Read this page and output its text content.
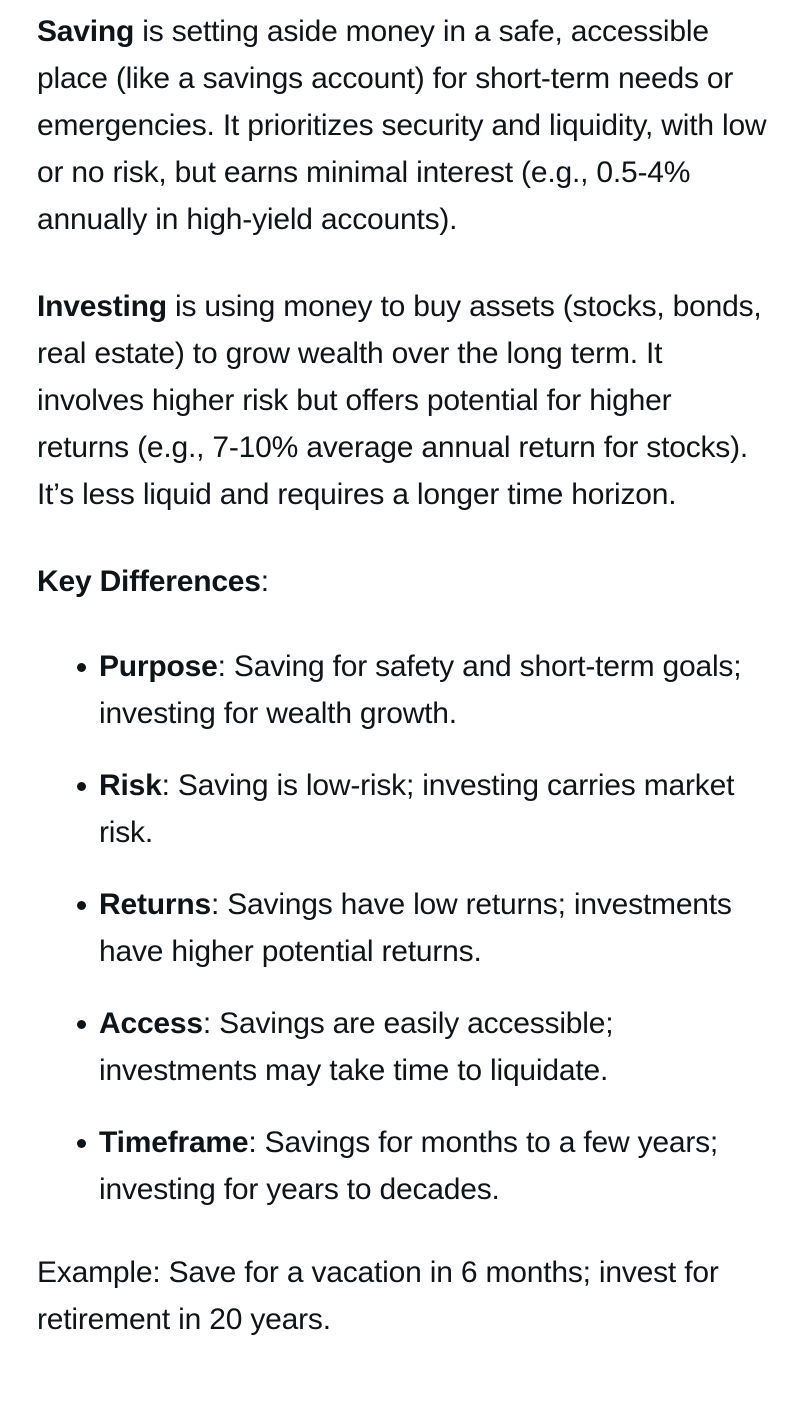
Saving is setting aside money in a safe, accessible place (like a savings account) for short-term needs or emergencies. It prioritizes security and liquidity, with low or no risk, but earns minimal interest (e.g., 0.5-4% annually in high-yield accounts).

Investing is using money to buy assets (stocks, bonds, real estate) to grow wealth over the long term. It involves higher risk but offers potential for higher returns (e.g., 7-10% average annual return for stocks). It’s less liquid and requires a longer time horizon.

Key Differences:

Purpose: Saving for safety and short-term goals; investing for wealth growth.
Risk: Saving is low-risk; investing carries market risk.
Returns: Savings have low returns; investments have higher potential returns.
Access: Savings are easily accessible; investments may take time to liquidate.
Timeframe: Savings for months to a few years; investing for years to decades.

Example: Save for a vacation in 6 months; invest for retirement in 20 years.
